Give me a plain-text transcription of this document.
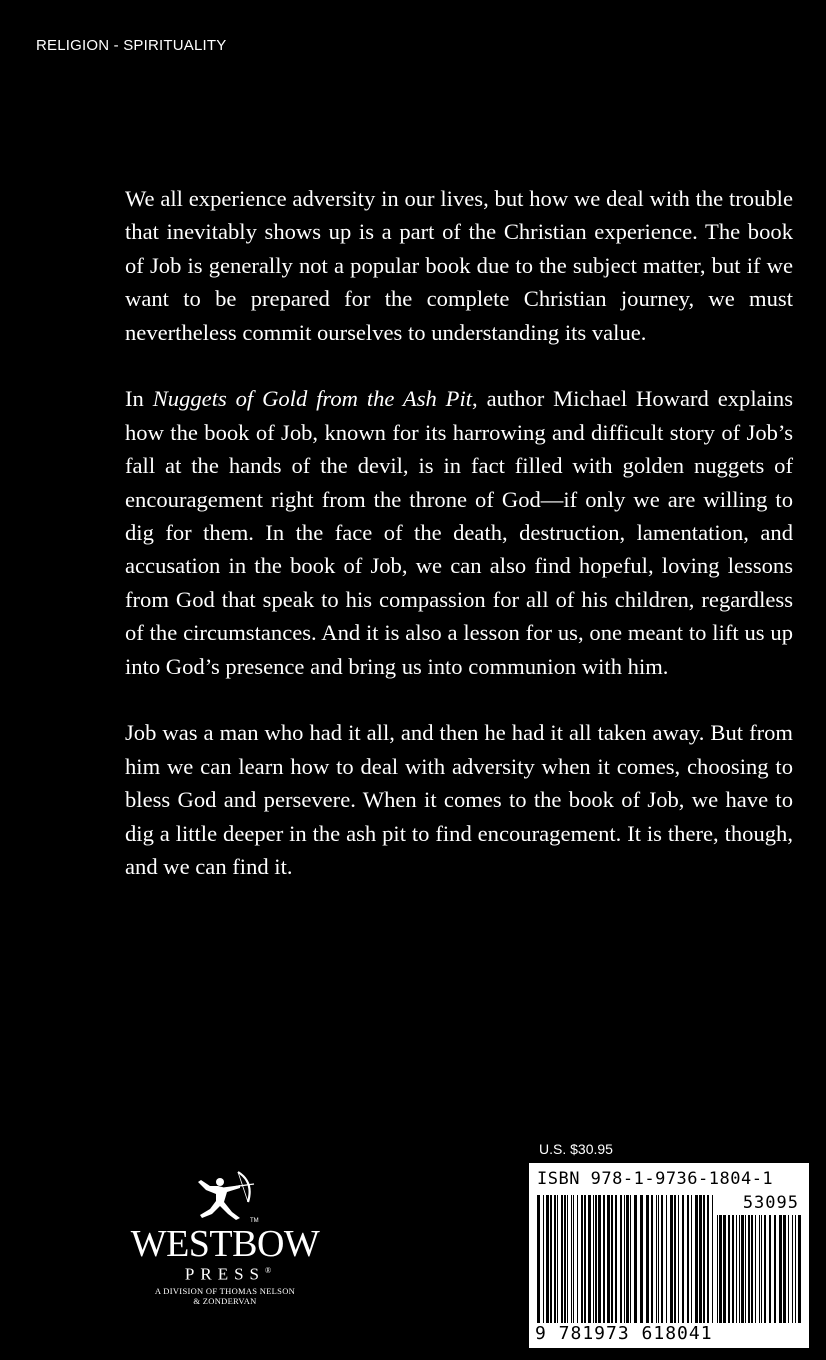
RELIGION - SPIRITUALITY

We all experience adversity in our lives, but how we deal with the trouble that inevitably shows up is a part of the Christian experience. The book of Job is generally not a popular book due to the subject matter, but if we want to be prepared for the complete Christian journey, we must nevertheless commit ourselves to understanding its value.

In Nuggets of Gold from the Ash Pit, author Michael Howard explains how the book of Job, known for its harrowing and difficult story of Job’s fall at the hands of the devil, is in fact filled with golden nuggets of encouragement right from the throne of God—if only we are willing to dig for them. In the face of the death, destruction, lamentation, and accusation in the book of Job, we can also find hopeful, loving lessons from God that speak to his compassion for all of his children, regardless of the circumstances. And it is also a lesson for us, one meant to lift us up into God’s presence and bring us into communion with him.

Job was a man who had it all, and then he had it all taken away. But from him we can learn how to deal with adversity when it comes, choosing to bless God and persevere. When it comes to the book of Job, we have to dig a little deeper in the ash pit to find encouragement. It is there, though, and we can find it.

TM
WESTBOW
PRESS®
A DIVISION OF THOMAS NELSON
& ZONDERVAN
U.S. $30.95
ISBN 978-1-9736-1804-1
53095
9 781973 618041
